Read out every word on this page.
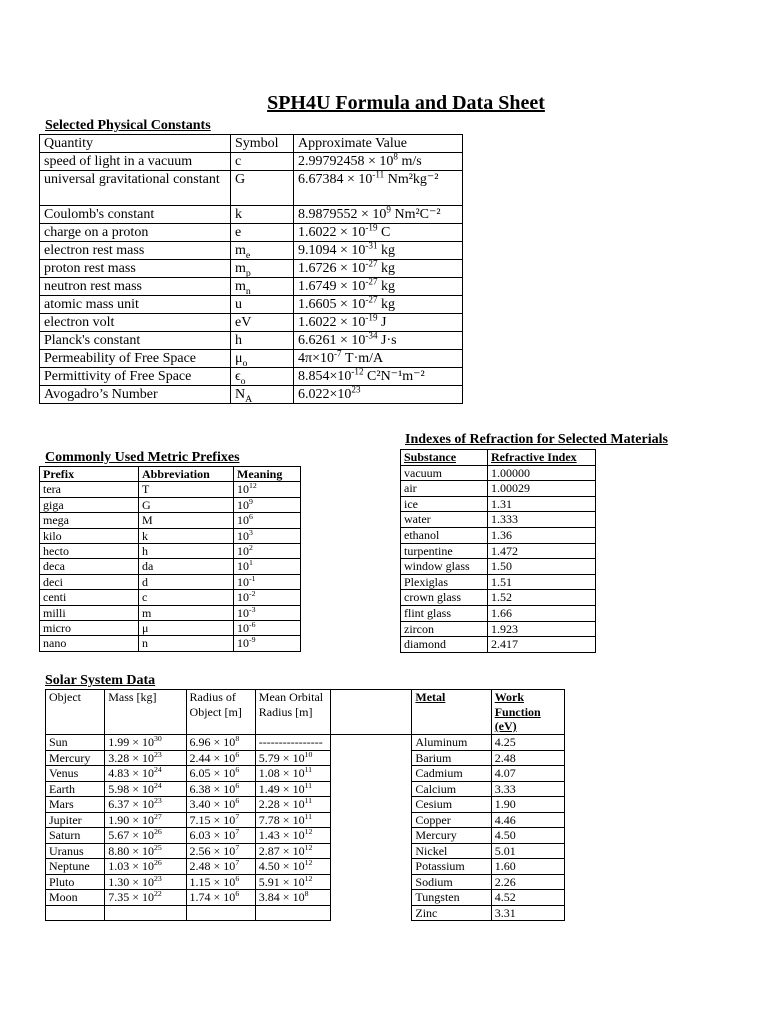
SPH4U Formula and Data Sheet
Selected Physical Constants
Quantity	Symbol	Approximate Value
speed of light in a vacuum	c	$2.99792458 \times 10^8$ m/s
universal gravitational constant	G	$6.67384 \times 10^{-11}$ Nm²kg⁻²
Coulomb's constant	k	$8.9879552 \times 10^9$ Nm²C⁻²
charge on a proton	e	$1.6022 \times 10^{-19}$ C
electron rest mass	$m_e$	$9.1094 \times 10^{-31}$ kg
proton rest mass	$m_p$	$1.6726 \times 10^{-27}$ kg
neutron rest mass	$m_n$	$1.6749 \times 10^{-27}$ kg
atomic mass unit	u	$1.6605 \times 10^{-27}$ kg
electron volt	eV	$1.6022 \times 10^{-19}$ J
Planck's constant	h	$6.6261 \times 10^{-34}$ J·s
Permeability of Free Space	$\mu_o$	$4\pi\times 10^{-7}$ T·m/A
Permittivity of Free Space	$\epsilon_o$	$8.854\times 10^{-12}$ C²N⁻¹m⁻²
Avogadro’s Number	$N_A$	$6.022\times 10^{23}$
Indexes of Refraction for Selected Materials
Substance	Refractive Index
vacuum	1.00000
air	1.00029
ice	1.31
water	1.333
ethanol	1.36
turpentine	1.472
window glass	1.50
Plexiglas	1.51
crown glass	1.52
flint glass	1.66
zircon	1.923
diamond	2.417
Commonly Used Metric Prefixes
Prefix	Abbreviation	Meaning
tera	T	$10^{12}$
giga	G	$10^9$
mega	M	$10^6$
kilo	k	$10^3$
hecto	h	$10^2$
deca	da	$10^1$
deci	d	$10^{-1}$
centi	c	$10^{-2}$
milli	m	$10^{-3}$
micro	μ	$10^{-6}$
nano	n	$10^{-9}$
Solar System Data
Object	Mass [kg]	Radius of Object [m]	Mean Orbital Radius [m]		Metal	Work Function (eV)
Sun	$1.99 \times 10^{30}$	$6.96 \times 10^8$	----------------		Aluminum	4.25
Mercury	$3.28 \times 10^{23}$	$2.44 \times 10^6$	$5.79 \times 10^{10}$		Barium	2.48
Venus	$4.83 \times 10^{24}$	$6.05 \times 10^6$	$1.08 \times 10^{11}$		Cadmium	4.07
Earth	$5.98 \times 10^{24}$	$6.38 \times 10^6$	$1.49 \times 10^{11}$		Calcium	3.33
Mars	$6.37 \times 10^{23}$	$3.40 \times 10^6$	$2.28 \times 10^{11}$		Cesium	1.90
Jupiter	$1.90 \times 10^{27}$	$7.15 \times 10^7$	$7.78 \times 10^{11}$		Copper	4.46
Saturn	$5.67 \times 10^{26}$	$6.03 \times 10^7$	$1.43 \times 10^{12}$		Mercury	4.50
Uranus	$8.80 \times 10^{25}$	$2.56 \times 10^7$	$2.87 \times 10^{12}$		Nickel	5.01
Neptune	$1.03 \times 10^{26}$	$2.48 \times 10^7$	$4.50 \times 10^{12}$		Potassium	1.60
Pluto	$1.30 \times 10^{23}$	$1.15 \times 10^6$	$5.91 \times 10^{12}$		Sodium	2.26
Moon	$7.35 \times 10^{22}$	$1.74 \times 10^6$	$3.84 \times 10^8$		Tungsten	4.52
					Zinc	3.31
